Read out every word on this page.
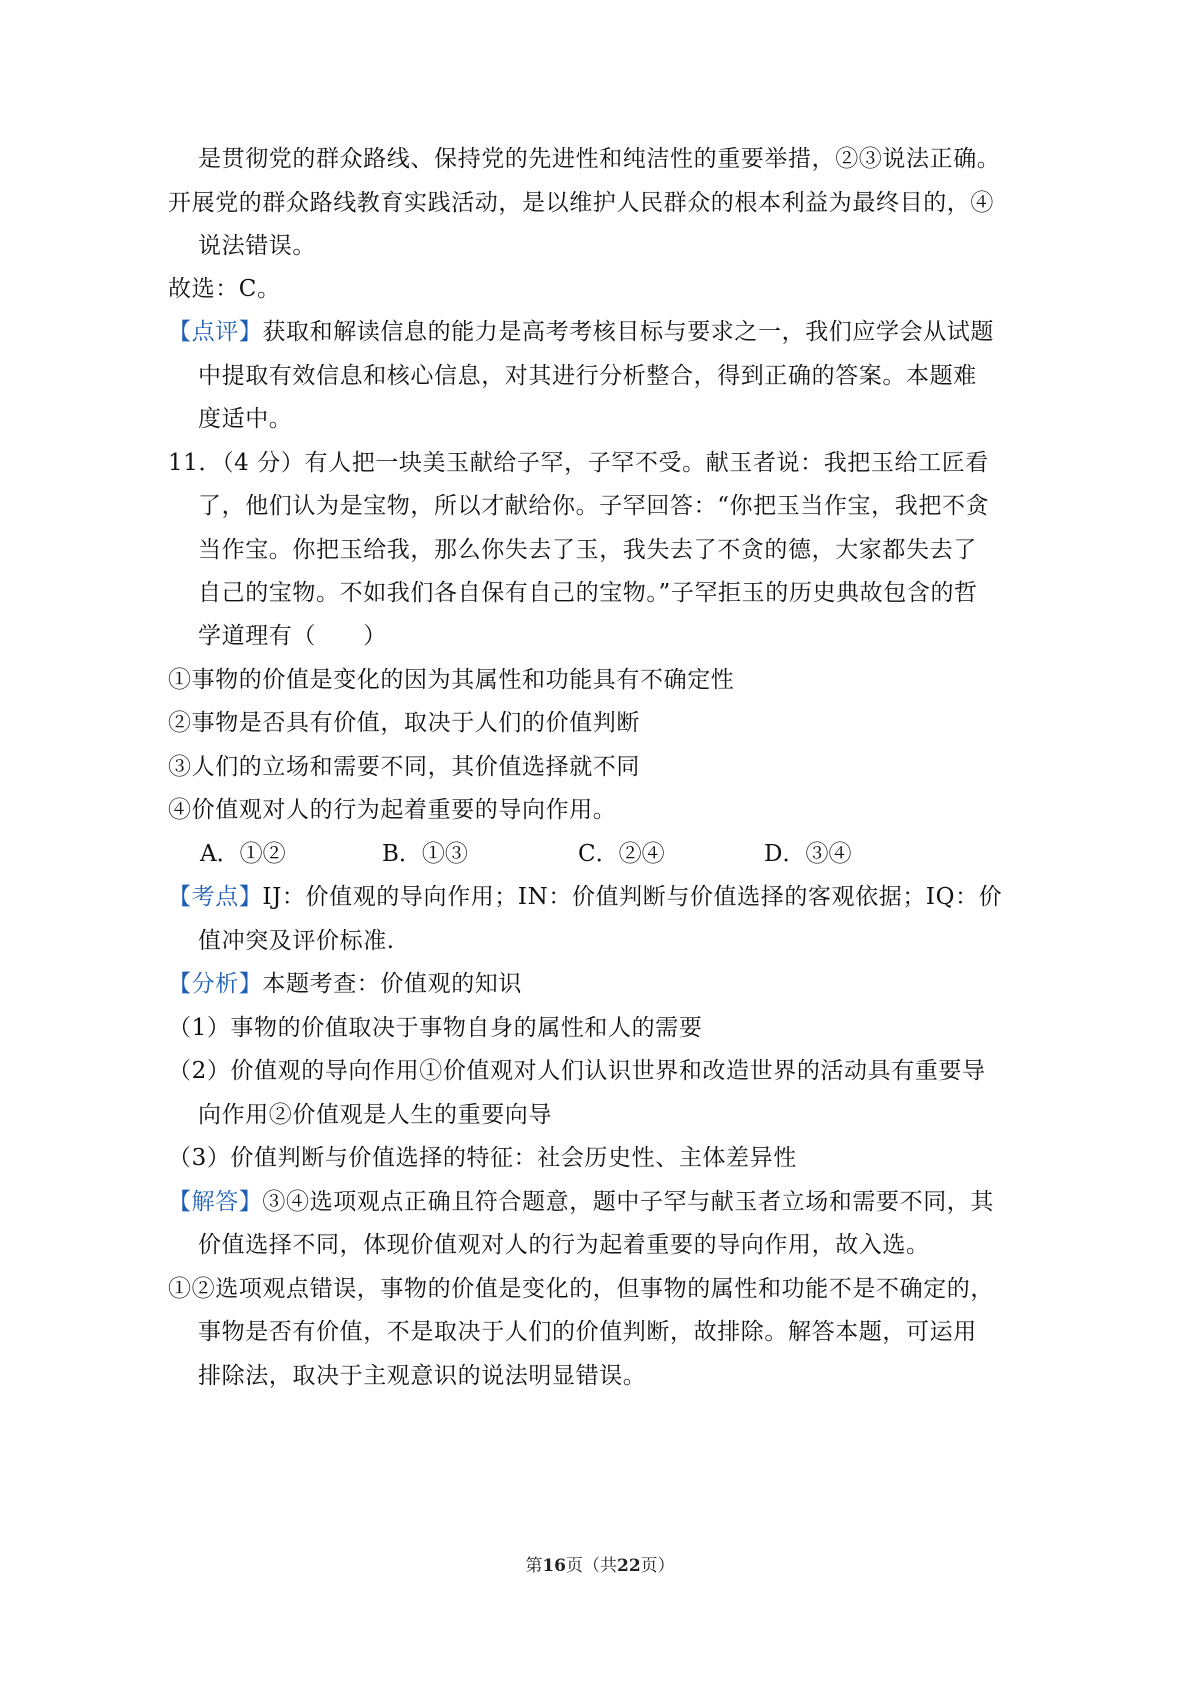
是贯彻党的群众路线、保持党的先进性和纯洁性的重要举措，②③说法正确。
开展党的群众路线教育实践活动，是以维护人民群众的根本利益为最终目的，④
说法错误。
故选：C。
【点评】获取和解读信息的能力是高考考核目标与要求之一，我们应学会从试题
中提取有效信息和核心信息，对其进行分析整合，得到正确的答案。本题难
度适中。
11．（4 分）有人把一块美玉献给子罕，子罕不受。献玉者说：我把玉给工匠看
了，他们认为是宝物，所以才献给你。子罕回答：“你把玉当作宝，我把不贪
当作宝。你把玉给我，那么你失去了玉，我失去了不贪的德，大家都失去了
自己的宝物。不如我们各自保有自己的宝物。”子罕拒玉的历史典故包含的哲
学道理有（　　）
①事物的价值是变化的因为其属性和功能具有不确定性
②事物是否具有价值，取决于人们的价值判断
③人们的立场和需要不同，其价值选择就不同
④价值观对人的行为起着重要的导向作用。
A．①②	B．①③	C．②④	D．③④
【考点】IJ：价值观的导向作用；IN：价值判断与价值选择的客观依据；IQ：价
值冲突及评价标准.
【分析】本题考查：价值观的知识
（1）事物的价值取决于事物自身的属性和人的需要
（2）价值观的导向作用①价值观对人们认识世界和改造世界的活动具有重要导
向作用②价值观是人生的重要向导
（3）价值判断与价值选择的特征：社会历史性、主体差异性
【解答】③④选项观点正确且符合题意，题中子罕与献玉者立场和需要不同，其
价值选择不同，体现价值观对人的行为起着重要的导向作用，故入选。
①②选项观点错误，事物的价值是变化的，但事物的属性和功能不是不确定的，
事物是否有价值，不是取决于人们的价值判断，故排除。解答本题，可运用
排除法，取决于主观意识的说法明显错误。
第16页（共22页）
